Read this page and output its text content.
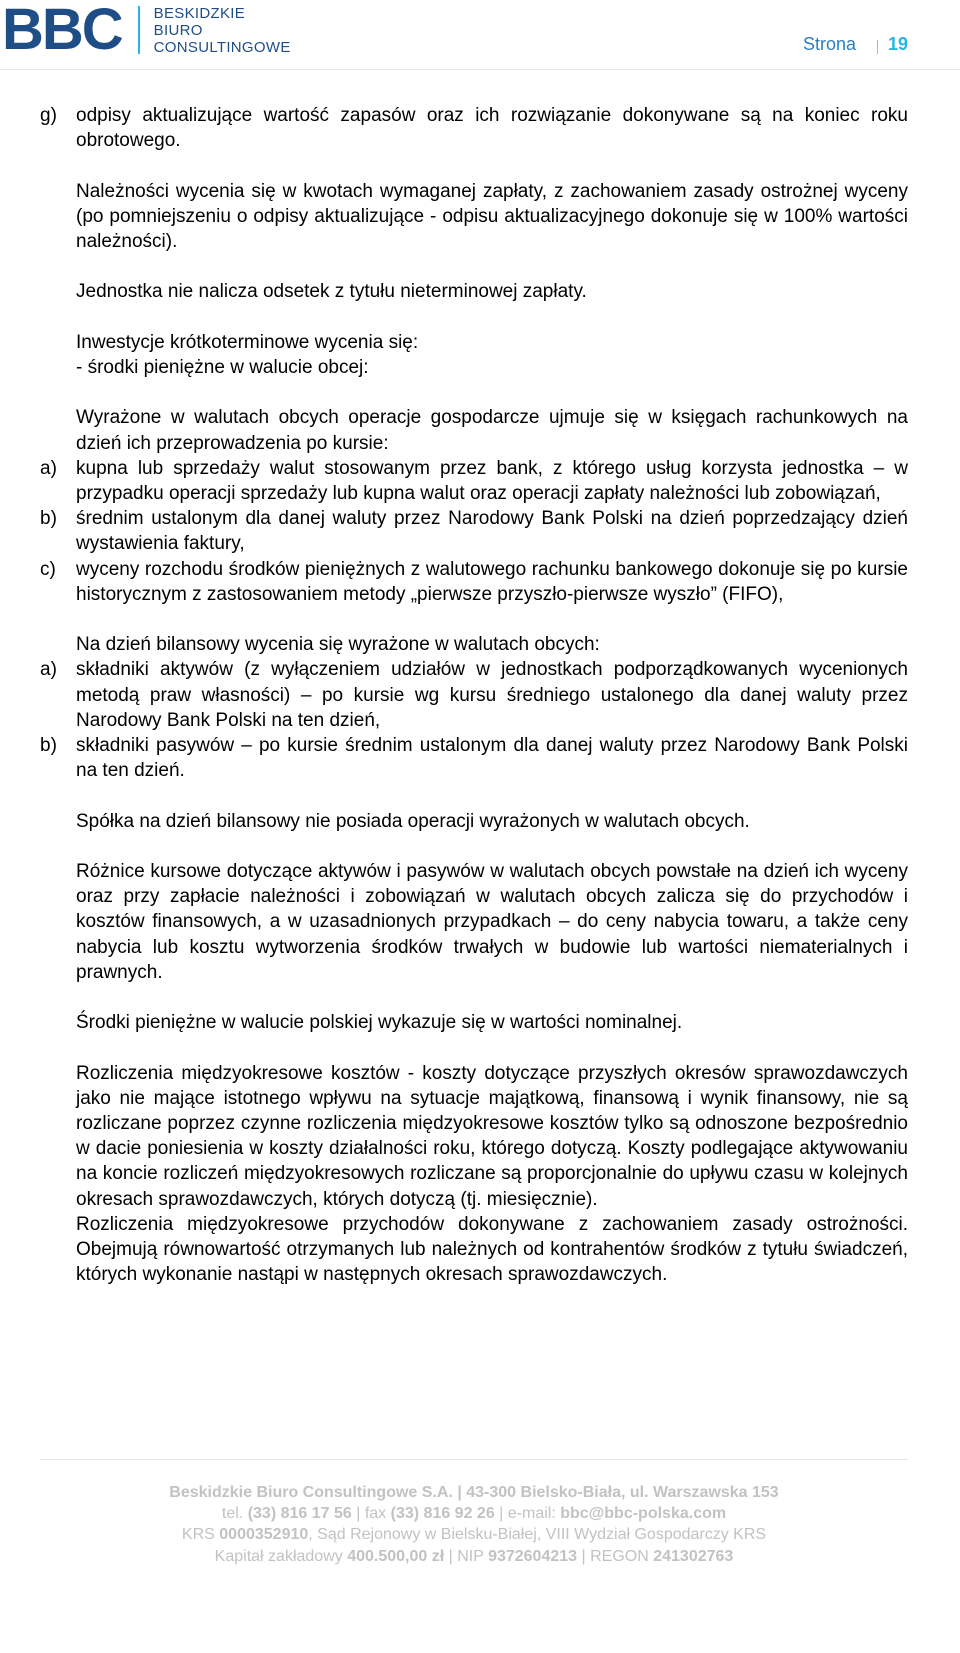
BBC BESKIDZKIE
BIURO
CONSULTINGOWE	Strona 19
g)	odpisy aktualizujące wartość zapasów oraz ich rozwiązanie dokonywane są na koniec roku obrotowego.

Należności wycenia się w kwotach wymaganej zapłaty, z zachowaniem zasady ostrożnej wyceny (po pomniejszeniu o odpisy aktualizujące - odpisu aktualizacyjnego dokonuje się w 100% wartości należności).

Jednostka nie nalicza odsetek z tytułu nieterminowej zapłaty.

Inwestycje krótkoterminowe wycenia się:

- środki pieniężne w walucie obcej:

Wyrażone w walutach obcych operacje gospodarcze ujmuje się w księgach rachunkowych na dzień ich przeprowadzenia po kursie:

a)	kupna lub sprzedaży walut stosowanym przez bank, z którego usług korzysta jednostka – w przypadku operacji sprzedaży lub kupna walut oraz operacji zapłaty należności lub zobowiązań,
b)	średnim ustalonym dla danej waluty przez Narodowy Bank Polski na dzień poprzedzający dzień wystawienia faktury,
c)	wyceny rozchodu środków pieniężnych z walutowego rachunku bankowego dokonuje się po kursie historycznym z zastosowaniem metody „pierwsze przyszło-pierwsze wyszło” (FIFO),

Na dzień bilansowy wycenia się wyrażone w walutach obcych:

a)	składniki aktywów (z wyłączeniem udziałów w jednostkach podporządkowanych wycenionych metodą praw własności) – po kursie wg kursu średniego ustalonego dla danej waluty przez Narodowy Bank Polski na ten dzień,
b)	składniki pasywów – po kursie średnim ustalonym dla danej waluty przez Narodowy Bank Polski na ten dzień.

Spółka na dzień bilansowy nie posiada operacji wyrażonych w walutach obcych.

Różnice kursowe dotyczące aktywów i pasywów w walutach obcych powstałe na dzień ich wyceny oraz przy zapłacie należności i zobowiązań w walutach obcych zalicza się do przychodów i kosztów finansowych, a w uzasadnionych przypadkach – do ceny nabycia towaru, a także ceny nabycia lub kosztu wytworzenia środków trwałych w budowie lub wartości niematerialnych i prawnych.

Środki pieniężne w walucie polskiej wykazuje się w wartości nominalnej.

Rozliczenia międzyokresowe kosztów - koszty dotyczące przyszłych okresów sprawozdawczych jako nie mające istotnego wpływu na sytuacje majątkową, finansową i wynik finansowy, nie są rozliczane poprzez czynne rozliczenia międzyokresowe kosztów tylko są odnoszone bezpośrednio w dacie poniesienia w koszty działalności roku, którego dotyczą. Koszty podlegające aktywowaniu na koncie rozliczeń międzyokresowych rozliczane są proporcjonalnie do upływu czasu w kolejnych okresach sprawozdawczych, których dotyczą (tj. miesięcznie).

Rozliczenia międzyokresowe przychodów dokonywane z zachowaniem zasady ostrożności. Obejmują równowartość otrzymanych lub należnych od kontrahentów środków z tytułu świadczeń, których wykonanie nastąpi w następnych okresach sprawozdawczych.

Beskidzkie Biuro Consultingowe S.A. | 43-300 Bielsko-Biała, ul. Warszawska 153
tel. (33) 816 17 56 | fax (33) 816 92 26 | e-mail: bbc@bbc-polska.com
KRS 0000352910, Sąd Rejonowy w Bielsku-Białej, VIII Wydział Gospodarczy KRS
Kapitał zakładowy 400.500,00 zł | NIP 9372604213 | REGON 241302763
